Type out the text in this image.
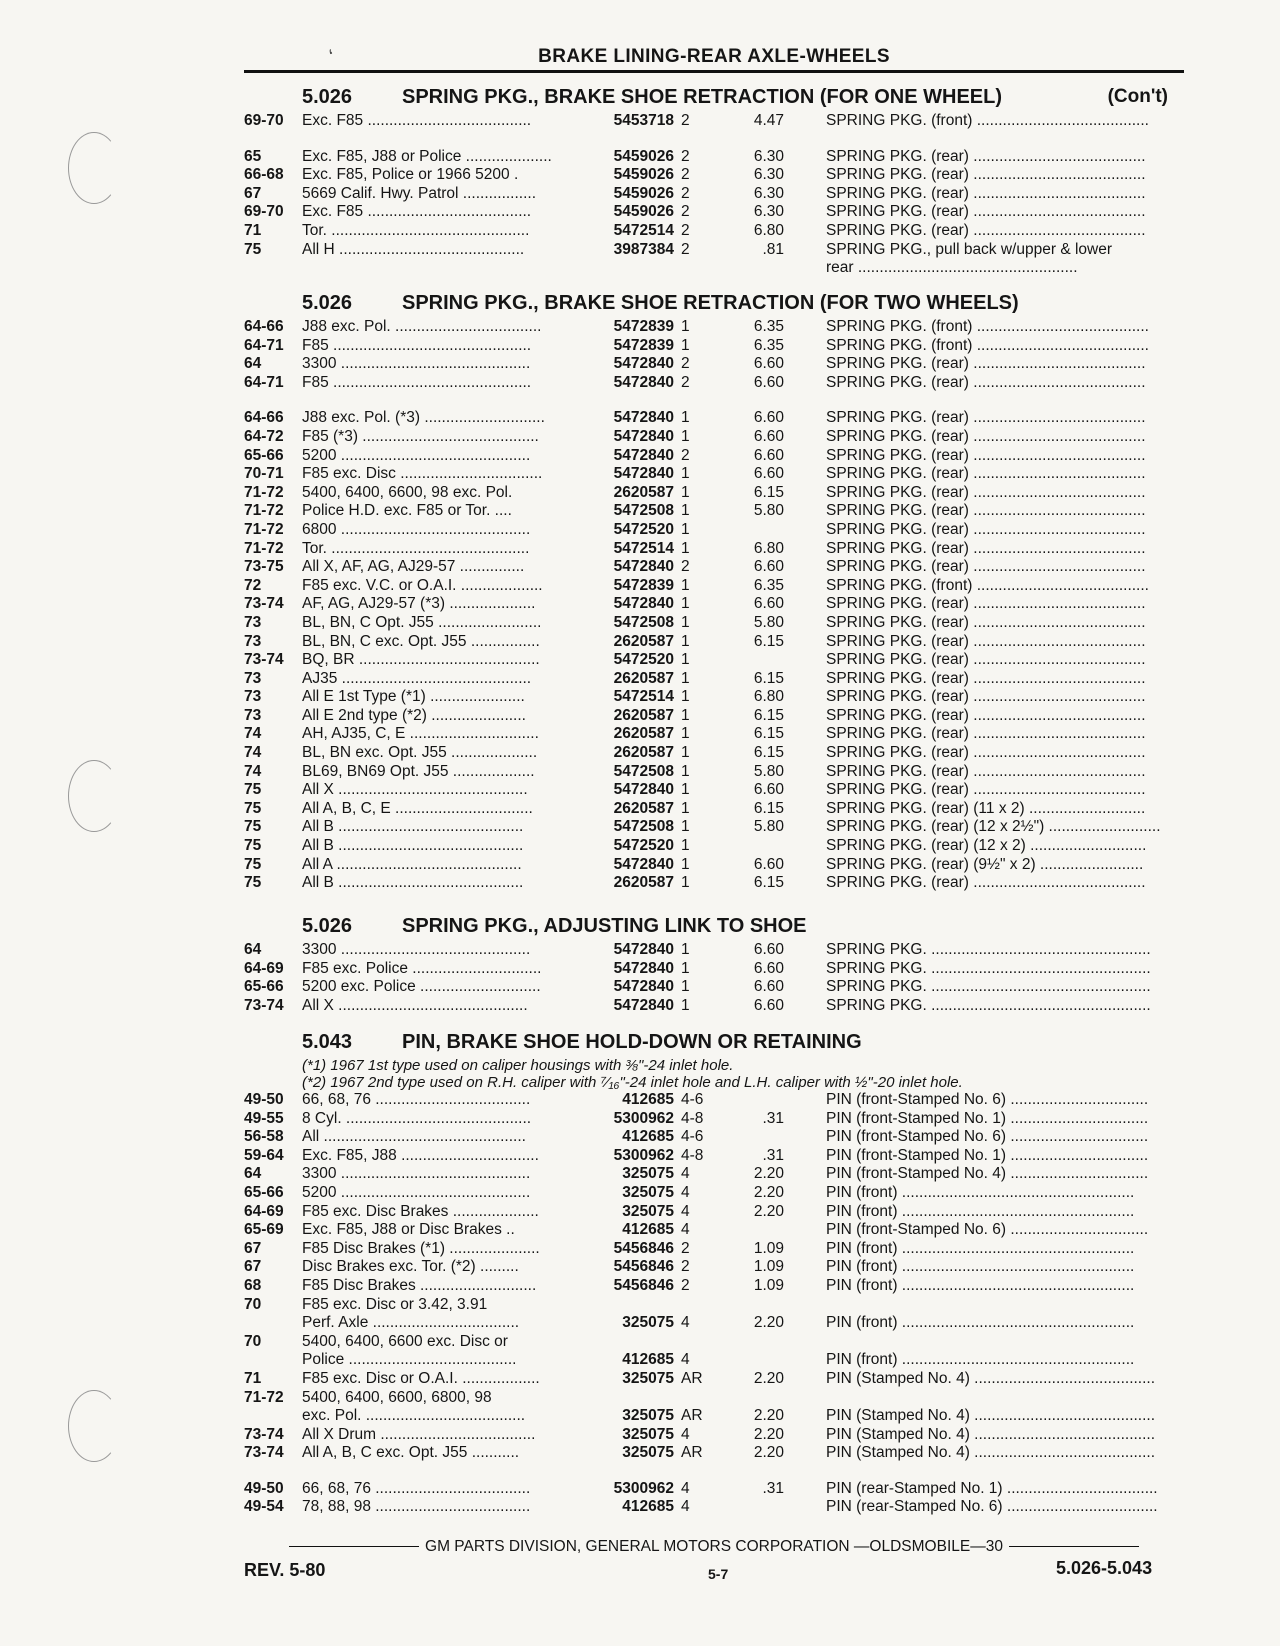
‘	BRAKE LINING-REAR AXLE-WHEELS
5.026 SPRING PKG., BRAKE SHOE RETRACTION (FOR ONE WHEEL)	(Con't)
69-70 Exc. F85 ......................................	5453718 2	4.47	SPRING PKG. (front) ........................................
65	Exc. F85, J88 or Police ....................	5459026 2	6.30	SPRING PKG. (rear) ........................................
66-68 Exc. F85, Police or 1966 5200 .	5459026 2	6.30	SPRING PKG. (rear) ........................................
67	5669 Calif. Hwy. Patrol .................	5459026 2	6.30	SPRING PKG. (rear) ........................................
69-70 Exc. F85 ......................................	5459026 2	6.30	SPRING PKG. (rear) ........................................
71	Tor. ..............................................	5472514 2	6.80	SPRING PKG. (rear) ........................................
75	All H ...........................................	3987384 2	.81	SPRING PKG., pull back w/upper & lower
rear ...................................................
5.026 SPRING PKG., BRAKE SHOE RETRACTION (FOR TWO WHEELS)
64-66 J88 exc. Pol. ..................................	5472839 1	6.35	SPRING PKG. (front) ........................................
64-71 F85 ..............................................	5472839 1	6.35	SPRING PKG. (front) ........................................
64	3300 ............................................	5472840 2	6.60	SPRING PKG. (rear) ........................................
64-71 F85 ..............................................	5472840 2	6.60	SPRING PKG. (rear) ........................................
64-66 J88 exc. Pol. (*3) ............................	5472840 1	6.60	SPRING PKG. (rear) ........................................
64-72 F85 (*3) .........................................	5472840 1	6.60	SPRING PKG. (rear) ........................................
65-66 5200 ............................................	5472840 2	6.60	SPRING PKG. (rear) ........................................
70-71 F85 exc. Disc .................................	5472840 1	6.60	SPRING PKG. (rear) ........................................
71-72 5400, 6400, 6600, 98 exc. Pol.	2620587 1	6.15	SPRING PKG. (rear) ........................................
71-72 Police H.D. exc. F85 or Tor. ....	5472508 1	5.80	SPRING PKG. (rear) ........................................
71-72 6800 ............................................	5472520 1	SPRING PKG. (rear) ........................................
71-72 Tor. ..............................................	5472514 1	6.80	SPRING PKG. (rear) ........................................
73-75 All X, AF, AG, AJ29-57 ...............	5472840 2	6.60	SPRING PKG. (rear) ........................................
72	F85 exc. V.C. or O.A.I. ...................	5472839 1	6.35	SPRING PKG. (front) ........................................
73-74 AF, AG, AJ29-57 (*3) ....................	5472840 1	6.60	SPRING PKG. (rear) ........................................
73	BL, BN, C Opt. J55 ........................	5472508 1	5.80	SPRING PKG. (rear) ........................................
73	BL, BN, C exc. Opt. J55 ................	2620587 1	6.15	SPRING PKG. (rear) ........................................
73-74 BQ, BR ..........................................	5472520 1	SPRING PKG. (rear) ........................................
73	AJ35 ............................................	2620587 1	6.15	SPRING PKG. (rear) ........................................
73	All E 1st Type (*1) ......................	5472514 1	6.80	SPRING PKG. (rear) ........................................
73	All E 2nd type (*2) ......................	2620587 1	6.15	SPRING PKG. (rear) ........................................
74	AH, AJ35, C, E ..............................	2620587 1	6.15	SPRING PKG. (rear) ........................................
74	BL, BN exc. Opt. J55 ....................	2620587 1	6.15	SPRING PKG. (rear) ........................................
74	BL69, BN69 Opt. J55 ...................	5472508 1	5.80	SPRING PKG. (rear) ........................................
75	All X ............................................	5472840 1	6.60	SPRING PKG. (rear) ........................................
75	All A, B, C, E ................................	2620587 1	6.15	SPRING PKG. (rear) (11 x 2) ...........................
75	All B ...........................................	5472508 1	5.80	SPRING PKG. (rear) (12 x 2½") ..........................
75	All B ...........................................	5472520 1	SPRING PKG. (rear) (12 x 2) ...........................
75	All A ...........................................	5472840 1	6.60	SPRING PKG. (rear) (9½" x 2) ........................
75	All B ...........................................	2620587 1	6.15	SPRING PKG. (rear) ........................................
5.026 SPRING PKG., ADJUSTING LINK TO SHOE
64	3300 ............................................	5472840 1	6.60	SPRING PKG. ...................................................
64-69 F85 exc. Police ..............................	5472840 1	6.60	SPRING PKG. ...................................................
65-66 5200 exc. Police ............................	5472840 1	6.60	SPRING PKG. ...................................................
73-74 All X ............................................	5472840 1	6.60	SPRING PKG. ...................................................
5.043 PIN, BRAKE SHOE HOLD-DOWN OR RETAINING
(*1) 1967 1st type used on caliper housings with ⅜"-24 inlet hole.
(*2) 1967 2nd type used on R.H. caliper with ⁷⁄₁₆"-24 inlet hole and L.H. caliper with ½"-20 inlet hole.
49-50 66, 68, 76 ....................................	412685 4-6	PIN (front-Stamped No. 6) ................................
49-55 8 Cyl. ...........................................	5300962 4-8	.31	PIN (front-Stamped No. 1) ................................
56-58 All ...............................................	412685 4-6	PIN (front-Stamped No. 6) ................................
59-64 Exc. F85, J88 ................................	5300962 4-8	.31	PIN (front-Stamped No. 1) ................................
64	3300 ............................................	325075 4	2.20	PIN (front-Stamped No. 4) ................................
65-66 5200 ............................................	325075 4	2.20	PIN (front) ......................................................
64-69 F85 exc. Disc Brakes ....................	325075 4	2.20	PIN (front) ......................................................
65-69 Exc. F85, J88 or Disc Brakes ..	412685 4	PIN (front-Stamped No. 6) ................................
67	F85 Disc Brakes (*1) .....................	5456846 2	1.09	PIN (front) ......................................................
67	Disc Brakes exc. Tor. (*2) .........	5456846 2	1.09	PIN (front) ......................................................
68	F85 Disc Brakes ...........................	5456846 2	1.09	PIN (front) ......................................................
70	F85 exc. Disc or 3.42, 3.91
Perf. Axle ..................................	325075 4	2.20	PIN (front) ......................................................
70	5400, 6400, 6600 exc. Disc or
Police .......................................	412685 4	PIN (front) ......................................................
71	F85 exc. Disc or O.A.I. ..................	325075 AR	2.20	PIN (Stamped No. 4) ..........................................
71-72 5400, 6400, 6600, 6800, 98
exc. Pol. .....................................	325075 AR	2.20	PIN (Stamped No. 4) ..........................................
73-74 All X Drum ....................................	325075 4	2.20	PIN (Stamped No. 4) ..........................................
73-74 All A, B, C exc. Opt. J55 ...........	325075 AR	2.20	PIN (Stamped No. 4) ..........................................
49-50 66, 68, 76 ....................................	5300962 4	.31	PIN (rear-Stamped No. 1) ...................................
49-54 78, 88, 98 ....................................	412685 4	PIN (rear-Stamped No. 6) ...................................
GM PARTS DIVISION, GENERAL MOTORS CORPORATION —OLDSMOBILE—30
REV. 5-80	5-7	5.026-5.043
